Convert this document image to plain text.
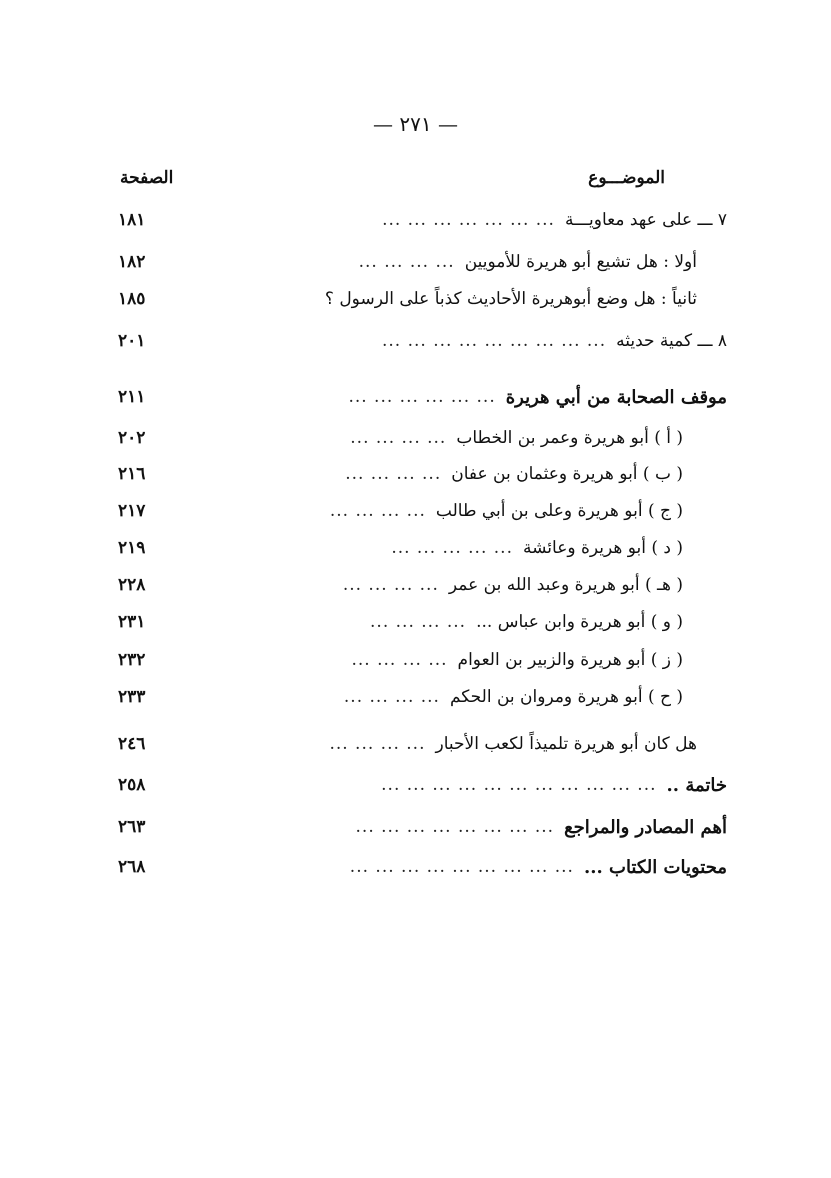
— ٢٧١ —
الموضـــوع
الصفحة
٧ ـــ على عهد معاويـــة
... ... ... ... ... ... ...
١٨١
أولا : هل تشيع أبو هريرة للأمويين
... ... ... ...
١٨٢
ثانياً : هل وضع أبوهريرة الأحاديث كذباً على الرسول ؟
١٨٥
٨ ـــ كمية حديثه
... ... ... ... ... ... ... ... ...
٢٠١
موقف الصحابة من أبي هريرة
... ... ... ... ... ...
٢١١
( أ ) أبو هريرة وعمر بن الخطاب
... ... ... ...
٢٠٢
( ب ) أبو هريرة وعثمان بن عفان
... ... ... ...
٢١٦
( ج ) أبو هريرة وعلى بن أبي طالب
... ... ... ...
٢١٧
( د ) أبو هريرة وعائشة
... ... ... ... ...
٢١٩
( هـ ) أبو هريرة وعبد الله بن عمر
... ... ... ...
٢٢٨
( و ) أبو هريرة وابن عباس ...
... ... ... ...
٢٣١
( ز ) أبو هريرة والزبير بن العوام
... ... ... ...
٢٣٢
( ح ) أبو هريرة ومروان بن الحكم
... ... ... ...
٢٣٣
هل كان أبو هريرة تلميذاً لكعب الأحبار
... ... ... ...
٢٤٦
خاتمة ..
... ... ... ... ... ... ... ... ... ... ...
٢٥٨
أهم المصادر والمراجع
... ... ... ... ... ... ... ...
٢٦٣
محتويات الكتاب ...
... ... ... ... ... ... ... ... ...
٢٦٨
